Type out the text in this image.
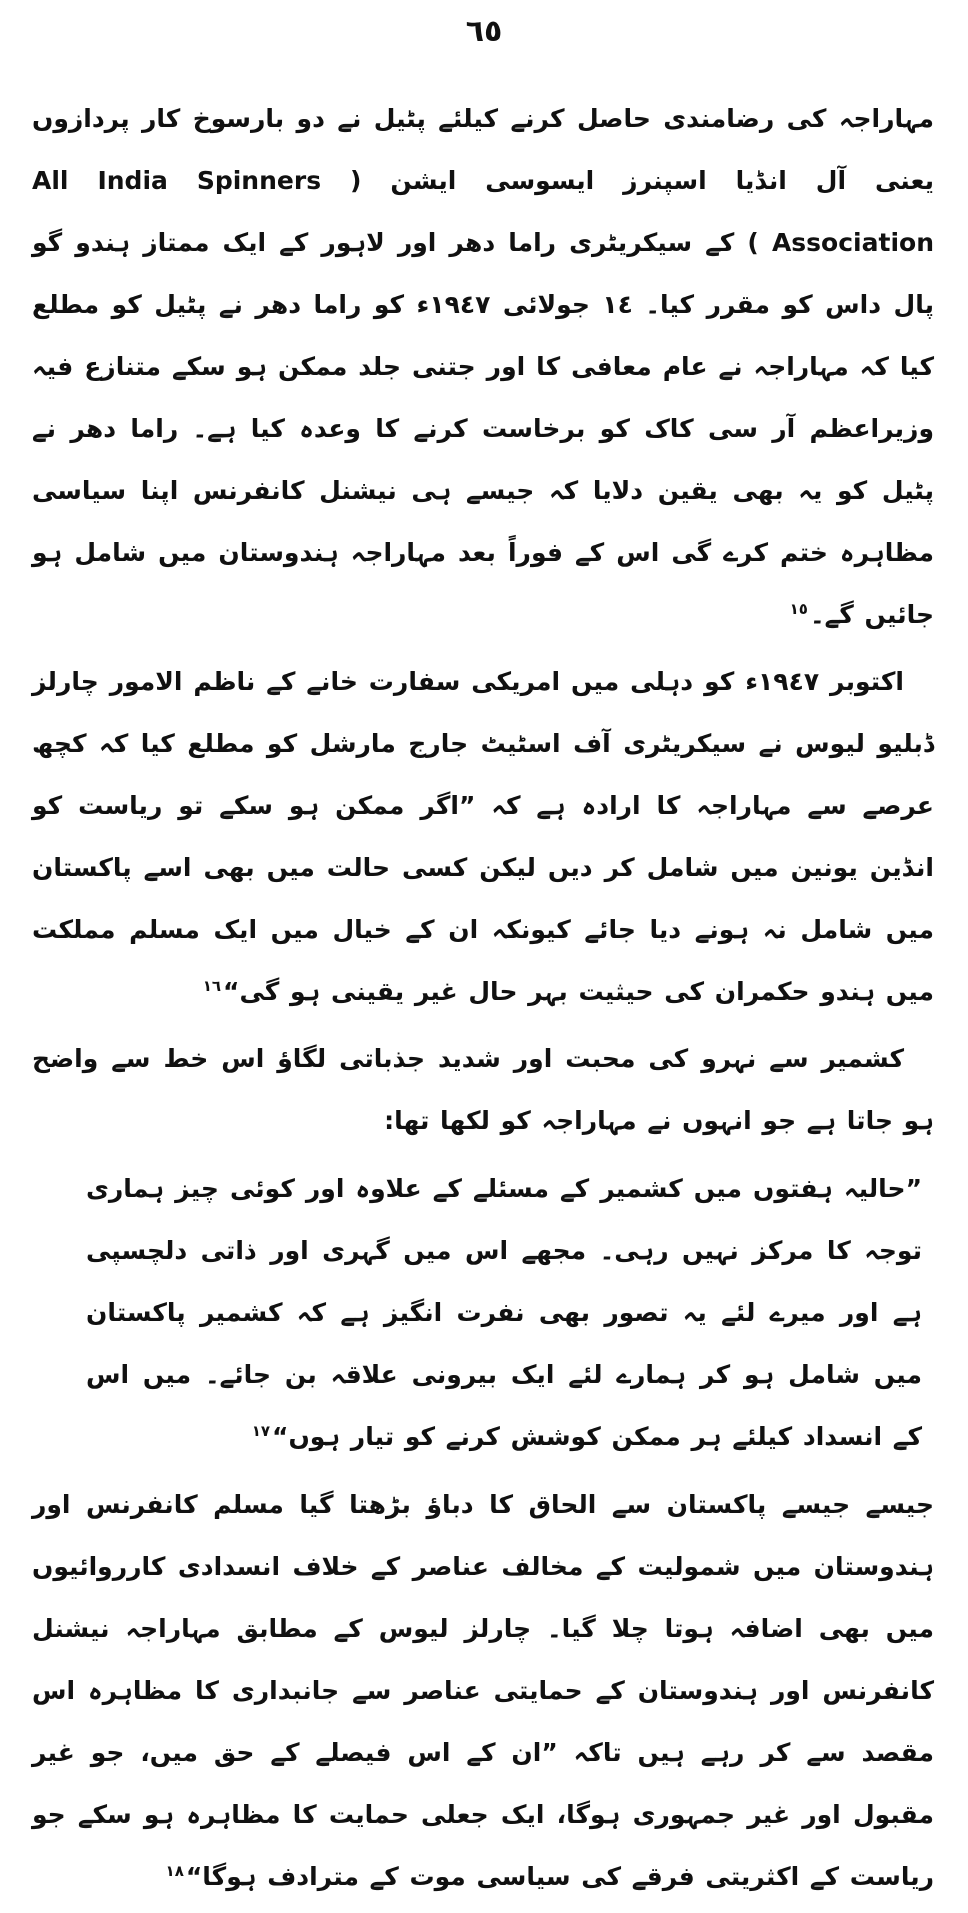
٦٥

مہاراجہ کی رضامندی حاصل کرنے کیلئے پٹیل نے دو بارسوخ کار پردازوں یعنی آل انڈیا اسپنرز ایسوسی ایشن ( All India Spinners Association ) کے سیکریٹری راما دھر اور لاہور کے ایک ممتاز ہندو گو پال داس کو مقرر کیا۔ ١٤ جولائی ١٩٤٧ء کو راما دھر نے پٹیل کو مطلع کیا کہ مہاراجہ نے عام معافی کا اور جتنی جلد ممکن ہو سکے متنازع فیہ وزیراعظم آر سی کاک کو برخاست کرنے کا وعدہ کیا ہے۔ راما دھر نے پٹیل کو یہ بھی یقین دلایا کہ جیسے ہی نیشنل کانفرنس اپنا سیاسی مظاہرہ ختم کرے گی اس کے فوراً بعد مہاراجہ ہندوستان میں شامل ہو جائیں گے۔$^{١٥}$

اکتوبر ١٩٤٧ء کو دہلی میں امریکی سفارت خانے کے ناظم الامور چارلز ڈبلیو لیوس نے سیکریٹری آف اسٹیٹ جارج مارشل کو مطلع کیا کہ کچھ عرصے سے مہاراجہ کا ارادہ ہے کہ ”اگر ممکن ہو سکے تو ریاست کو انڈین یونین میں شامل کر دیں لیکن کسی حالت میں بھی اسے پاکستان میں شامل نہ ہونے دیا جائے کیونکہ ان کے خیال میں ایک مسلم مملکت میں ہندو حکمران کی حیثیت بہر حال غیر یقینی ہو گی“$^{١٦}$

کشمیر سے نہرو کی محبت اور شدید جذباتی لگاؤ اس خط سے واضح ہو جاتا ہے جو انہوں نے مہاراجہ کو لکھا تھا:

”حالیہ ہفتوں میں کشمیر کے مسئلے کے علاوہ اور کوئی چیز ہماری توجہ کا مرکز نہیں رہی۔ مجھے اس میں گہری اور ذاتی دلچسپی ہے اور میرے لئے یہ تصور بھی نفرت انگیز ہے کہ کشمیر پاکستان میں شامل ہو کر ہمارے لئے ایک بیرونی علاقہ بن جائے۔ میں اس کے انسداد کیلئے ہر ممکن کوشش کرنے کو تیار ہوں“$^{١٧}$

جیسے جیسے پاکستان سے الحاق کا دباؤ بڑھتا گیا مسلم کانفرنس اور ہندوستان میں شمولیت کے مخالف عناصر کے خلاف انسدادی کارروائیوں میں بھی اضافہ ہوتا چلا گیا۔ چارلز لیوس کے مطابق مہاراجہ نیشنل کانفرنس اور ہندوستان کے حمایتی عناصر سے جانبداری کا مظاہرہ اس مقصد سے کر رہے ہیں تاکہ ”ان کے اس فیصلے کے حق میں، جو غیر مقبول اور غیر جمہوری ہوگا، ایک جعلی حمایت کا مظاہرہ ہو سکے جو ریاست کے اکثریتی فرقے کی سیاسی موت کے مترادف ہوگا“$^{١٨}$
